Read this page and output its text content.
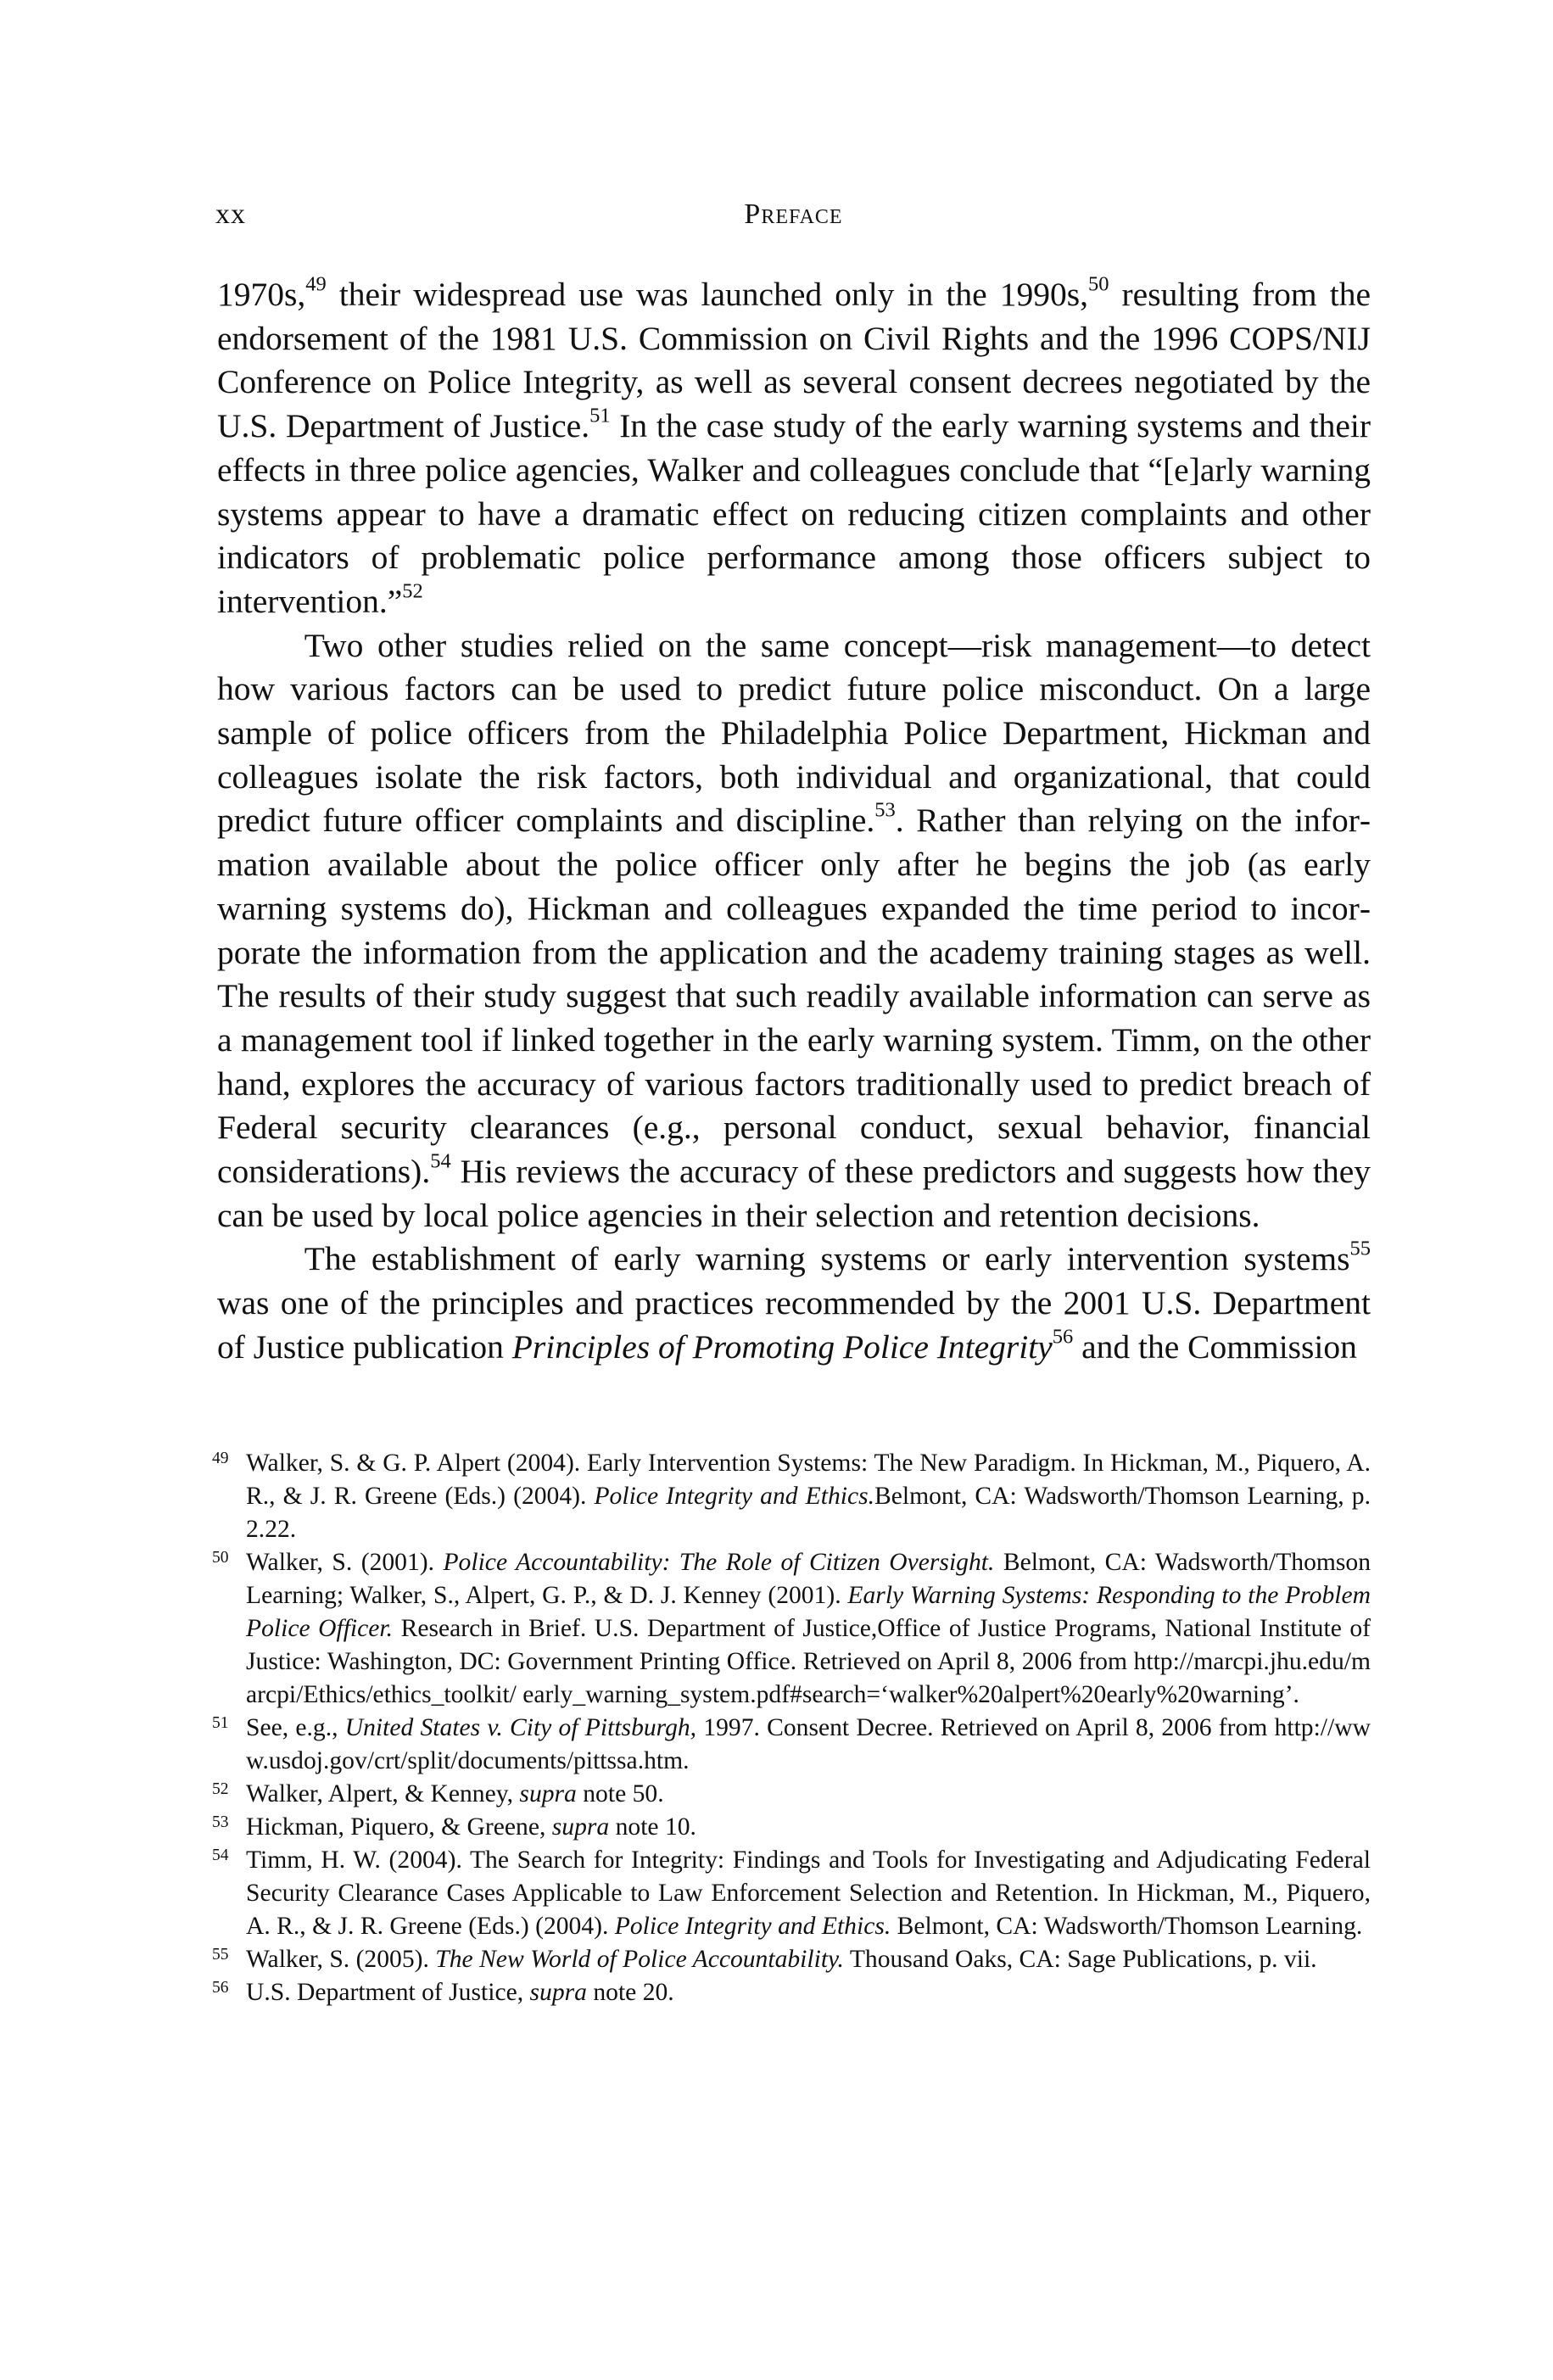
xx	Preface

1970s,$^{49}$ their widespread use was launched only in the 1990s,$^{50}$ resulting from the endorsement of the 1981 U.S. Commission on Civil Rights and the 1996 COPS/NIJ Conference on Police Integrity, as well as several consent decrees negotiated by the U.S. Department of Justice.$^{51}$ In the case study of the early warning systems and their effects in three police agencies, Walker and colleagues conclude that “[e]arly warning systems appear to have a dramatic effect on reducing citizen complaints and other indicators of problematic police performance among those officers subject to intervention.”$^{52}$

Two other studies relied on the same concept—risk management—to detect how various factors can be used to predict future police misconduct. On a large sample of police officers from the Philadelphia Police Department, Hickman and colleagues isolate the risk factors, both individual and organizational, that could predict future officer complaints and discipline.$^{53}$. Rather than relying on the information available about the police officer only after he begins the job (as early warning systems do), Hickman and colleagues expanded the time period to incorporate the information from the application and the academy training stages as well. The results of their study suggest that such readily available information can serve as a management tool if linked together in the early warning system. Timm, on the other hand, explores the accuracy of various factors traditionally used to predict breach of Federal security clearances (e.g., personal conduct, sexual behavior, financial considerations).$^{54}$ His reviews the accuracy of these predictors and suggests how they can be used by local police agencies in their selection and retention decisions.

The establishment of early warning systems or early intervention systems$^{55}$ was one of the principles and practices recommended by the 2001 U.S. Department of Justice publication Principles of Promoting Police Integrity$^{56}$ and the Commission

49 Walker, S. & G. P. Alpert (2004). Early Intervention Systems: The New Paradigm. In Hickman, M., Piquero, A. R., & J. R. Greene (Eds.) (2004). Police Integrity and Ethics.Belmont, CA: Wadsworth/Thomson Learning, p. 2.22.

50 Walker, S. (2001). Police Accountability: The Role of Citizen Oversight. Belmont, CA: Wadsworth/Thomson Learning; Walker, S., Alpert, G. P., & D. J. Kenney (2001). Early Warning Systems: Responding to the Problem Police Officer. Research in Brief. U.S. Department of Justice,Office of Justice Programs, National Institute of Justice: Washington, DC: Government Printing Office. Retrieved on April 8, 2006 from http://marcpi.jhu.edu/marcpi/Ethics/ethics_toolkit/ early_warning_system.pdf#search=‘walker%20alpert%20early%20warning’.

51 See, e.g., United States v. City of Pittsburgh, 1997. Consent Decree. Retrieved on April 8, 2006 from http://www.usdoj.gov/crt/split/documents/pittssa.htm.

52 Walker, Alpert, & Kenney, supra note 50.

53 Hickman, Piquero, & Greene, supra note 10.

54 Timm, H. W. (2004). The Search for Integrity: Findings and Tools for Investigating and Adjudicating Federal Security Clearance Cases Applicable to Law Enforcement Selection and Retention. In Hickman, M., Piquero, A. R., & J. R. Greene (Eds.) (2004). Police Integrity and Ethics. Belmont, CA: Wadsworth/Thomson Learning.

55 Walker, S. (2005). The New World of Police Accountability. Thousand Oaks, CA: Sage Publications, p. vii.

56 U.S. Department of Justice, supra note 20.
